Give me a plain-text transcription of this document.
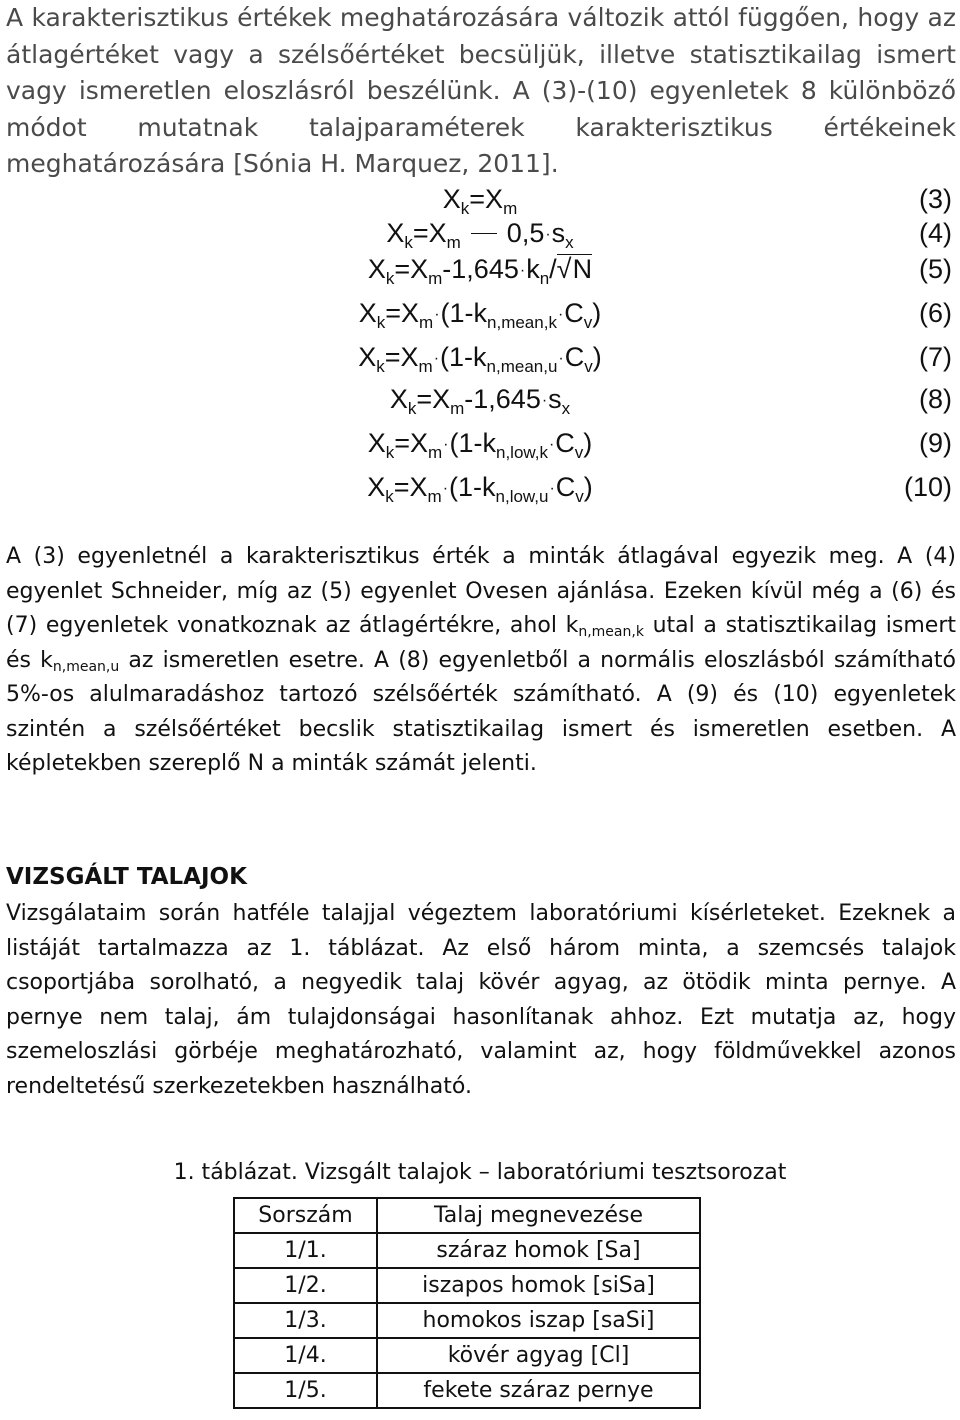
A karakterisztikus értékek meghatározására változik attól függően, hogy az átlagértéket vagy a szélsőértéket becsüljük, illetve statisztikailag ismert vagy ismeretlen eloszlásról beszélünk. A (3)-(10) egyenletek 8 különböző módot mutatnak talajparaméterek karakterisztikus értékeinek meghatározására [Sónia H. Marquez, 2011].

$X_k=X_m$	(3)
$X_k=X_m$ $0,5\cdot s_x$	(4)
$X_k=X_m-1,645\cdot k_n/$ √ N	(5)
$X_k=X_m\cdot(1-k_{n,mean,k}\cdot C_v)$	(6)
$X_k=X_m\cdot(1-k_{n,mean,u}\cdot C_v)$	(7)
$X_k=X_m-1,645\cdot s_x$	(8)
$X_k=X_m\cdot(1-k_{n,low,k}\cdot C_v)$	(9)
$X_k=X_m\cdot(1-k_{n,low,u}\cdot C_v)$	(10)

A (3) egyenletnél a karakterisztikus érték a minták átlagával egyezik meg. A (4) egyenlet Schneider, míg az (5) egyenlet Ovesen ajánlása. Ezeken kívül még a (6) és (7) egyenletek vonatkoznak az átlagértékre, ahol $k_{n,mean,k}$ utal a statisztikailag ismert és $k_{n,mean,u}$ az ismeretlen esetre. A (8) egyenletből a normális eloszlásból számítható 5%-os alulmaradáshoz tartozó szélsőérték számítható. A (9) és (10) egyenletek szintén a szélsőértéket becslik statisztikailag ismert és ismeretlen esetben. A képletekben szereplő N a minták számát jelenti.

VIZSGÁLT TALAJOK

Vizsgálataim során hatféle talajjal végeztem laboratóriumi kísérleteket. Ezeknek a listáját tartalmazza az 1. táblázat. Az első három minta, a szemcsés talajok csoportjába sorolható, a negyedik talaj kövér agyag, az ötödik minta pernye. A pernye nem talaj, ám tulajdonságai hasonlítanak ahhoz. Ezt mutatja az, hogy szemeloszlási görbéje meghatározható, valamint az, hogy földművekkel azonos rendeltetésű szerkezetekben használható.

1. táblázat. Vizsgált talajok – laboratóriumi tesztsorozat

Sorszám	Talaj megnevezése
1/1.	száraz homok [Sa]
1/2.	iszapos homok [siSa]
1/3.	homokos iszap [saSi]
1/4.	kövér agyag [Cl]
1/5.	fekete száraz pernye
